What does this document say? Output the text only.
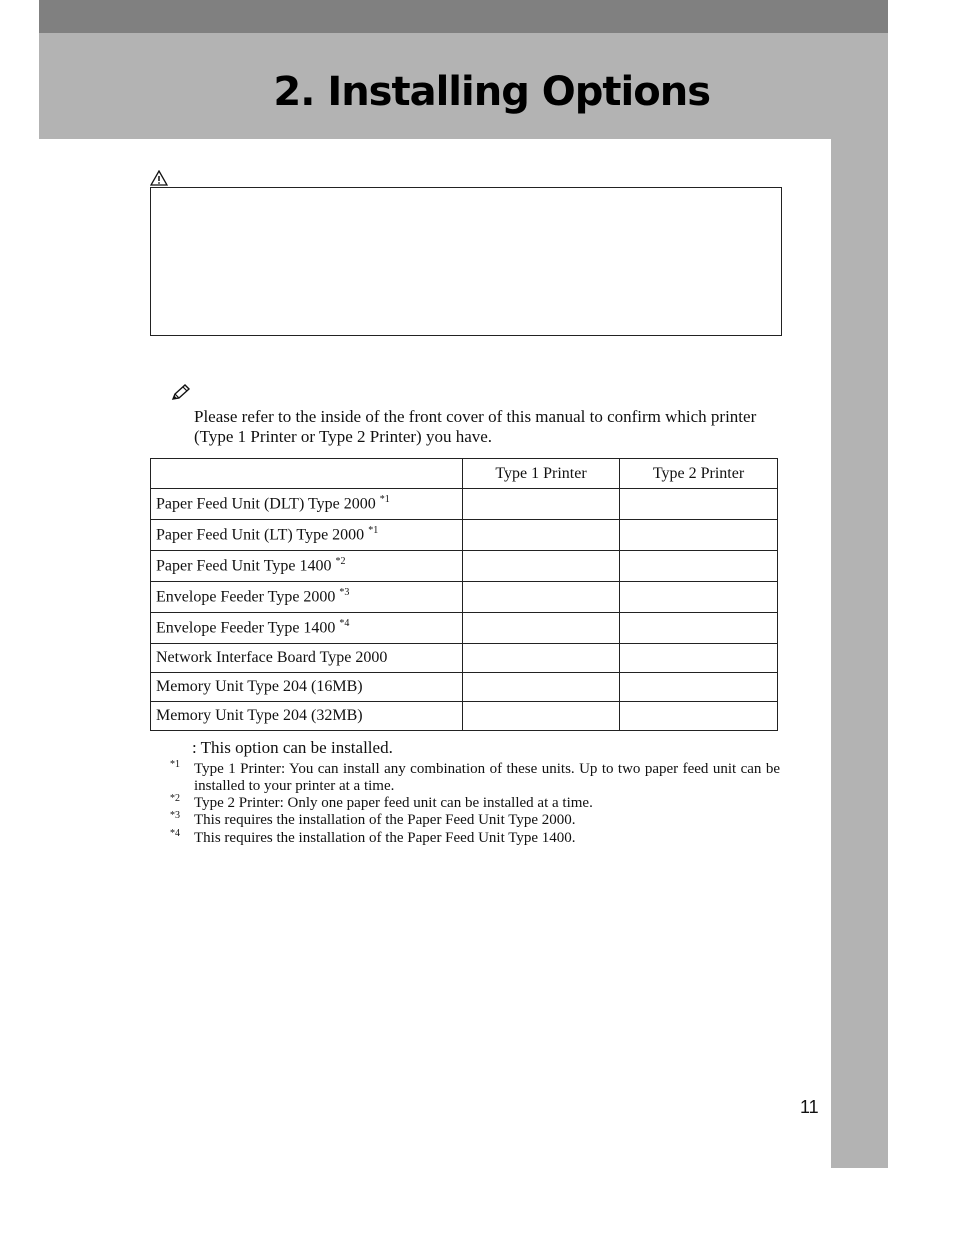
2. Installing Options

Please refer to the inside of the front cover of this manual to confirm which printer (Type 1 Printer or Type 2 Printer) you have.

	Type 1 Printer	Type 2 Printer
Paper Feed Unit (DLT) Type 2000 $^{*1}$		
Paper Feed Unit (LT) Type 2000 $^{*1}$		
Paper Feed Unit Type 1400 $^{*2}$		
Envelope Feeder Type 2000 $^{*3}$		
Envelope Feeder Type 1400 $^{*4}$		
Network Interface Board Type 2000		
Memory Unit Type 204 (16MB)		
Memory Unit Type 204 (32MB)		

: This option can be installed.

*1 Type 1 Printer: You can install any combination of these units. Up to two paper feed unit can be installed to your printer at a time.
*2 Type 2 Printer: Only one paper feed unit can be installed at a time.
*3 This requires the installation of the Paper Feed Unit Type 2000.
*4 This requires the installation of the Paper Feed Unit Type 1400.
11
